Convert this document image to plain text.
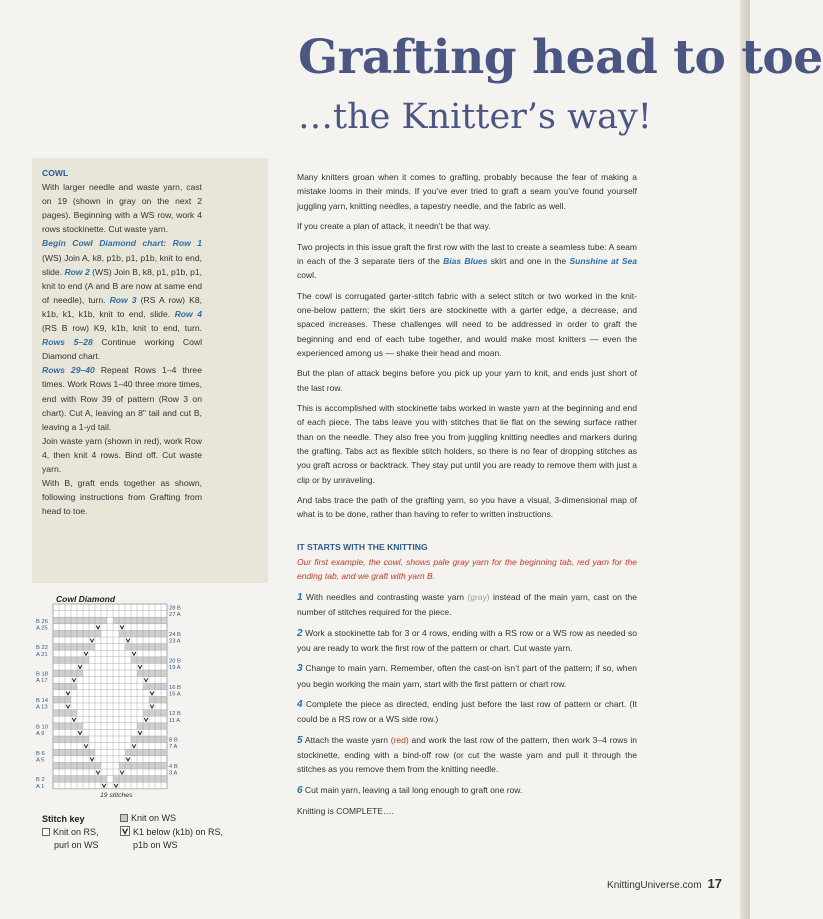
Grafting head to toe
…the Knitter’s way!
COWL
With larger needle and waste yarn, cast on 19 (shown in gray on the next 2 pages). Beginning with a WS row, work 4 rows stockinette. Cut waste yarn.
Begin Cowl Diamond chart: Row 1 (WS) Join A, k8, p1b, p1, p1b, knit to end, slide. Row 2 (WS) Join B, k8, p1, p1b, p1, knit to end (A and B are now at same end of needle), turn. Row 3 (RS A row) K8, k1b, k1, k1b, knit to end, slide. Row 4 (RS B row) K9, k1b, knit to end, turn. Rows 5–28 Continue working Cowl Diamond chart.
Rows 29–40 Repeat Rows 1–4 three times. Work Rows 1–40 three more times, end with Row 39 of pattern (Row 3 on chart). Cut A, leaving an 8" tail and cut B, leaving a 1-yd tail.
Join waste yarn (shown in red), work Row 4, then knit 4 rows. Bind off. Cut waste yarn.
With B, graft ends together as shown, following instructions from Grafting from head to toe.
Cowl Diamond
B 26
A 25
B 22
A 21
B 18
A 17
B 14
A 13
B 10
A 9
B 6
A 5
B 2
A 1
28 B
27 A
24 B
23 A
20 B
19 A
16 B
15 A
12 B
11 A
8 B
7 A
4 B
3 A
19 stitches
Stitch key
Knit on RS,
purl on WS
Knit on WS
K1 below (k1b) on RS,
p1b on WS

Many knitters groan when it comes to grafting, probably because the fear of making a mistake looms in their minds. If you’ve ever tried to graft a seam you’ve found yourself juggling yarn, knitting needles, a tapestry needle, and the fabric as well.

If you create a plan of attack, it needn’t be that way.

Two projects in this issue graft the first row with the last to create a seamless tube: A seam in each of the 3 separate tiers of the Bias Blues skirt and one in the Sunshine at Sea cowl.

The cowl is corrugated garter-stitch fabric with a select stitch or two worked in the knit-one-below pattern; the skirt tiers are stockinette with a garter edge, a decrease, and spaced increases. These challenges will need to be addressed in order to graft the beginning and end of each tube together, and would make most knitters — even the experienced among us — shake their head and moan.

But the plan of attack begins before you pick up your yarn to knit, and ends just short of the last row.

This is accomplished with stockinette tabs worked in waste yarn at the beginning and end of each piece. The tabs leave you with stitches that lie flat on the sewing surface rather than on the needle. They also free you from juggling knitting needles and markers during the grafting. Tabs act as flexible stitch holders, so there is no fear of dropping stitches as you graft across or backtrack. They stay put until you are ready to remove them with just a clip or by unraveling.

And tabs trace the path of the grafting yarn, so you have a visual, 3-dimensional map of what is to be done, rather than having to refer to written instructions.

IT STARTS WITH THE KNITTING

Our first example, the cowl, shows pale gray yarn for the beginning tab, red yarn for the ending tab, and we graft with yarn B.

1 With needles and contrasting waste yarn (gray) instead of the main yarn, cast on the number of stitches required for the piece.

2 Work a stockinette tab for 3 or 4 rows, ending with a RS row or a WS row as needed so you are ready to work the first row of the pattern or chart. Cut waste yarn.

3 Change to main yarn. Remember, often the cast-on isn’t part of the pattern; if so, when you begin working the main yarn, start with the first pattern or chart row.

4 Complete the piece as directed, ending just before the last row of pattern or chart. (It could be a RS row or a WS side row.)

5 Attach the waste yarn (red) and work the last row of the pattern, then work 3–4 rows in stockinette, ending with a bind-off row (or cut the waste yarn and pull it through the stitches as you remove them from the knitting needle.

6 Cut main yarn, leaving a tail long enough to graft one row.

Knitting is COMPLETE….

KnittingUniverse.com 17
